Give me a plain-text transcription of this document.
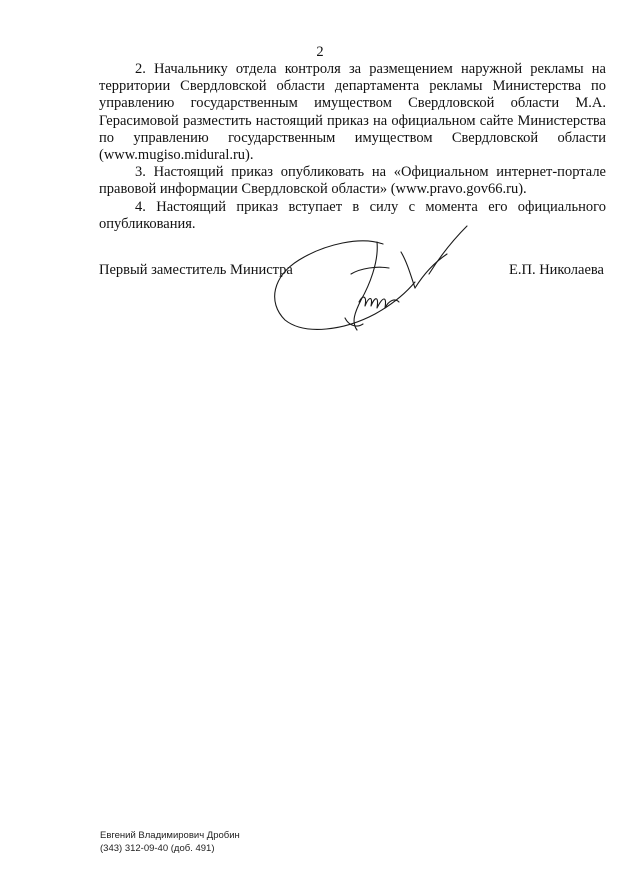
2

2. Начальнику отдела контроля за размещением наружной рекламы на территории Свердловской области департамента рекламы Министерства по управлению государственным имуществом Свердловской области М.А. Герасимовой разместить настоящий приказ на официальном сайте Министерства по управлению государственным имуществом Свердловской области (www.mugiso.midural.ru).

3. Настоящий приказ опубликовать на «Официальном интернет-портале правовой информации Свердловской области» (www.pravo.gov66.ru).

4. Настоящий приказ вступает в силу с момента его официального опубликования.

Первый заместитель Министра	Е.П. Николаева
Евгений Владимирович Дробин
(343) 312-09-40 (доб. 491)
